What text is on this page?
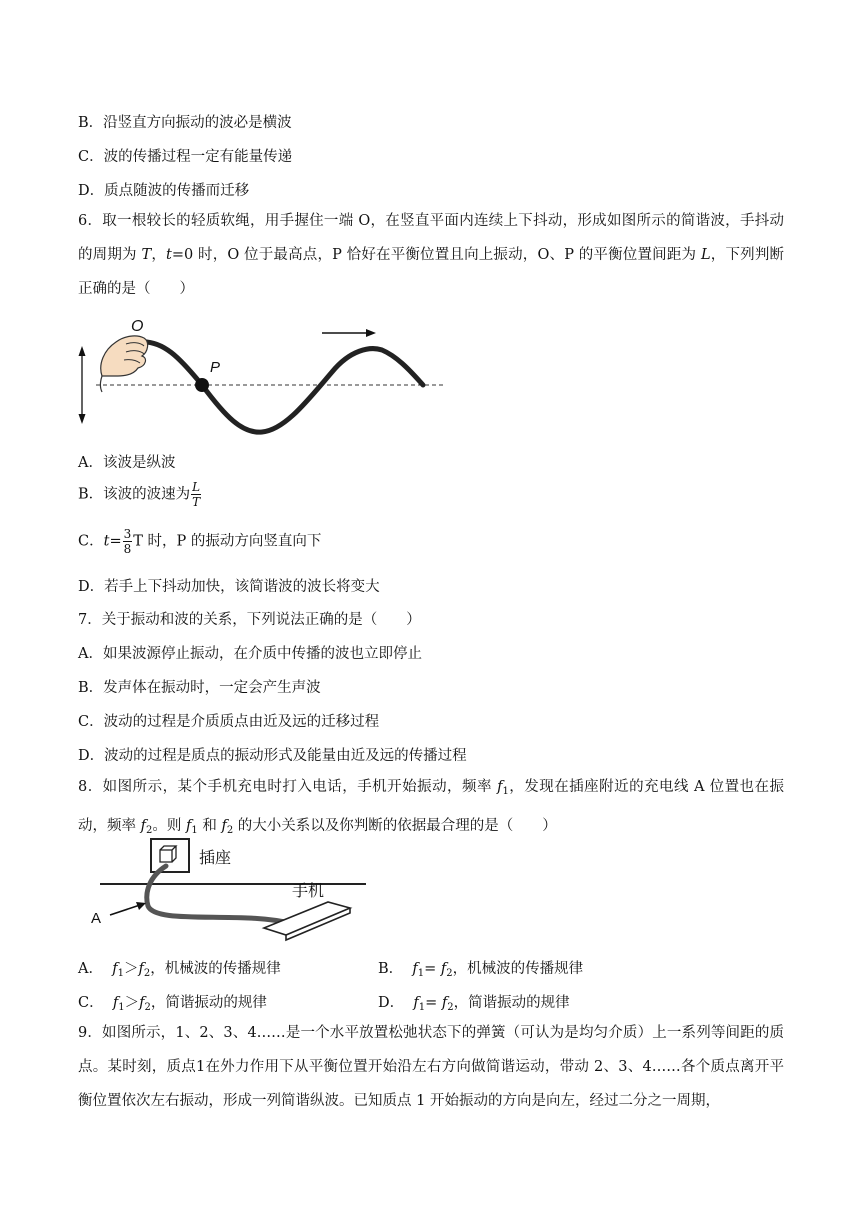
B．沿竖直方向振动的波必是横波
C．波的传播过程一定有能量传递
D．质点随波的传播而迁移
6．取一根较长的轻质软绳，用手握住一端 O，在竖直平面内连续上下抖动，形成如图所示的简谐波，手抖动的周期为 T，t=0 时，O 位于最高点，P 恰好在平衡位置且向上振动，O、P 的平衡位置间距为 L，下列判断正确的是（　　）
O
P
A．该波是纵波
B．该波的波速为 $\frac{L}{T}$
C．$t= \frac{3}{8}$ T 时，P 的振动方向竖直向下
D．若手上下抖动加快，该简谐波的波长将变大
7．关于振动和波的关系，下列说法正确的是（　　）
A．如果波源停止振动，在介质中传播的波也立即停止
B．发声体在振动时，一定会产生声波
C．波动的过程是介质质点由近及远的迁移过程
D．波动的过程是质点的振动形式及能量由近及远的传播过程
8．如图所示，某个手机充电时打入电话，手机开始振动，频率 $f_1$，发现在插座附近的充电线 A 位置也在振动，频率 $f_2$。则 $f_1$ 和 $f_2$ 的大小关系以及你判断的依据最合理的是（　　）
插座
手机
A
A． $f_1>f_2$，机械波的传播规律	B． $f_1= f_2$，机械波的传播规律
C． $f_1>f_2$，简谐振动的规律	D． $f_1= f_2$，简谐振动的规律
9．如图所示，1、2、3、4……是一个水平放置松弛状态下的弹簧（可认为是均匀介质）上一系列等间距的质点。某时刻，质点1在外力作用下从平衡位置开始沿左右方向做简谐运动，带动 2、3、4……各个质点离开平衡位置依次左右振动，形成一列简谐纵波。已知质点 1 开始振动的方向是向左，经过二分之一周期，
